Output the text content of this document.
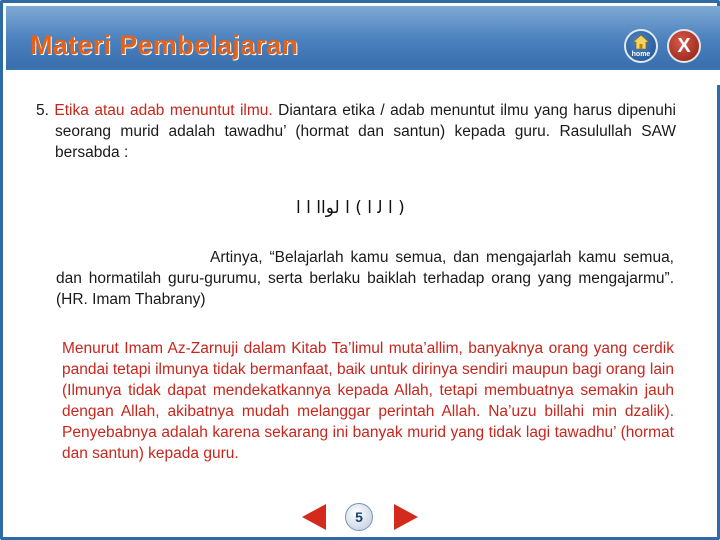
Materi Pembelajaran	home	X

5. Etika atau adab menuntut ilmu. Diantara etika / adab menuntut ilmu yang harus dipenuhi seorang murid adalah tawadhu’ (hormat dan santun) kepada guru. Rasulullah SAW bersabda :

( ا ﻟ ا ) ا ﻟﻮاا ا ا

Artinya, “Belajarlah kamu semua, dan mengajarlah kamu semua, dan hormatilah guru-gurumu, serta berlaku baiklah terhadap orang yang mengajarmu”. (HR. Imam Thabrany)

Menurut Imam Az-Zarnuji dalam Kitab Ta’limul muta’allim, banyaknya orang yang cerdik pandai tetapi ilmunya tidak bermanfaat, baik untuk dirinya sendiri maupun bagi orang lain (Ilmunya tidak dapat mendekatkannya kepada Allah, tetapi membuatnya semakin jauh dengan Allah, akibatnya mudah melanggar perintah Allah. Na’uzu billahi min dzalik). Penyebabnya adalah karena sekarang ini banyak murid yang tidak lagi tawadhu’ (hormat dan santun) kepada guru.

5
